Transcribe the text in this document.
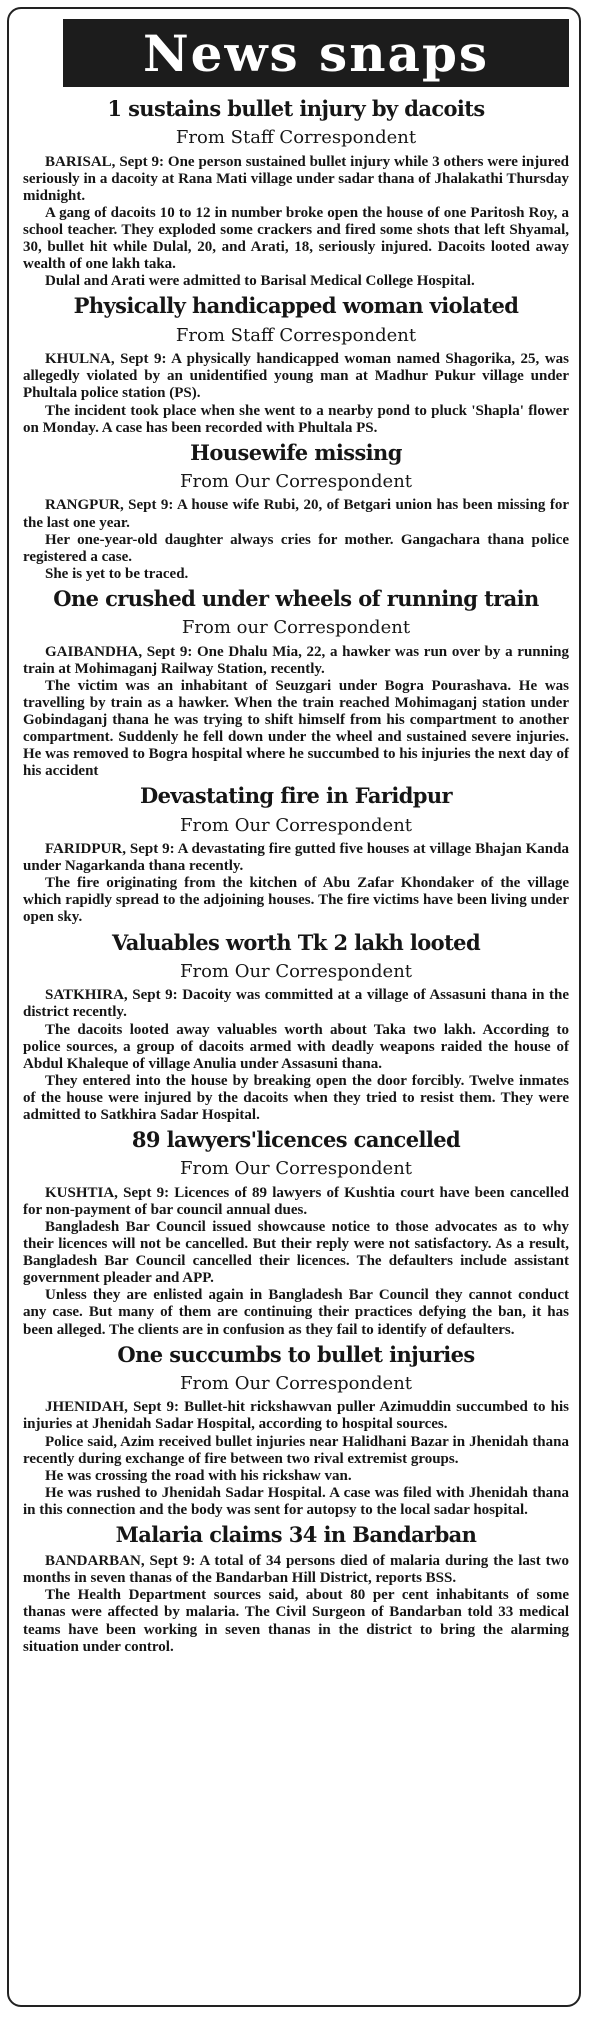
News snaps
1 sustains bullet injury by dacoits
From Staff Correspondent

BARISAL, Sept 9: One person sustained bullet injury while 3 others were injured seriously in a dacoity at Rana Mati village under sadar thana of Jhalakathi Thursday midnight.

A gang of dacoits 10 to 12 in number broke open the house of one Paritosh Roy, a school teacher. They exploded some crackers and fired some shots that left Shyamal, 30, bullet hit while Dulal, 20, and Arati, 18, seriously injured. Dacoits looted away wealth of one lakh taka.

Dulal and Arati were admitted to Barisal Medical College Hospital.

Physically handicapped woman violated
From Staff Correspondent

KHULNA, Sept 9: A physically handicapped woman named Shagorika, 25, was allegedly violated by an unidentified young man at Madhur Pukur village under Phultala police station (PS).

The incident took place when she went to a nearby pond to pluck 'Shapla' flower on Monday. A case has been recorded with Phultala PS.

Housewife missing
From Our Correspondent

RANGPUR, Sept 9: A house wife Rubi, 20, of Betgari union has been missing for the last one year.

Her one-year-old daughter always cries for mother. Gangachara thana police registered a case.

She is yet to be traced.

One crushed under wheels of running train
From our Correspondent

GAIBANDHA, Sept 9: One Dhalu Mia, 22, a hawker was run over by a running train at Mohimaganj Railway Station, recently.

The victim was an inhabitant of Seuzgari under Bogra Pourashava. He was travelling by train as a hawker. When the train reached Mohimaganj station under Gobindaganj thana he was trying to shift himself from his compartment to another compartment. Suddenly he fell down under the wheel and sustained severe injuries. He was removed to Bogra hospital where he succumbed to his injuries the next day of his accident

Devastating fire in Faridpur
From Our Correspondent

FARIDPUR, Sept 9: A devastating fire gutted five houses at village Bhajan Kanda under Nagarkanda thana recently.

The fire originating from the kitchen of Abu Zafar Khondaker of the village which rapidly spread to the adjoining houses. The fire victims have been living under open sky.

Valuables worth Tk 2 lakh looted
From Our Correspondent

SATKHIRA, Sept 9: Dacoity was committed at a village of Assasuni thana in the district recently.

The dacoits looted away valuables worth about Taka two lakh. According to police sources, a group of dacoits armed with deadly weapons raided the house of Abdul Khaleque of village Anulia under Assasuni thana.

They entered into the house by breaking open the door forcibly. Twelve inmates of the house were injured by the dacoits when they tried to resist them. They were admitted to Satkhira Sadar Hospital.

89 lawyers'licences cancelled
From Our Correspondent

KUSHTIA, Sept 9: Licences of 89 lawyers of Kushtia court have been cancelled for non-payment of bar council annual dues.

Bangladesh Bar Council issued showcause notice to those advocates as to why their licences will not be cancelled. But their reply were not satisfactory. As a result, Bangladesh Bar Council cancelled their licences. The defaulters include assistant government pleader and APP.

Unless they are enlisted again in Bangladesh Bar Council they cannot conduct any case. But many of them are continuing their practices defying the ban, it has been alleged. The clients are in confusion as they fail to identify of defaulters.

One succumbs to bullet injuries
From Our Correspondent

JHENIDAH, Sept 9: Bullet-hit rickshawvan puller Azimuddin succumbed to his injuries at Jhenidah Sadar Hospital, according to hospital sources.

Police said, Azim received bullet injuries near Halidhani Bazar in Jhenidah thana recently during exchange of fire between two rival extremist groups.

He was crossing the road with his rickshaw van.

He was rushed to Jhenidah Sadar Hospital. A case was filed with Jhenidah thana in this connection and the body was sent for autopsy to the local sadar hospital.

Malaria claims 34 in Bandarban

BANDARBAN, Sept 9: A total of 34 persons died of malaria during the last two months in seven thanas of the Bandarban Hill District, reports BSS.

The Health Department sources said, about 80 per cent inhabitants of some thanas were affected by malaria. The Civil Surgeon of Bandarban told 33 medical teams have been working in seven thanas in the district to bring the alarming situation under control.
